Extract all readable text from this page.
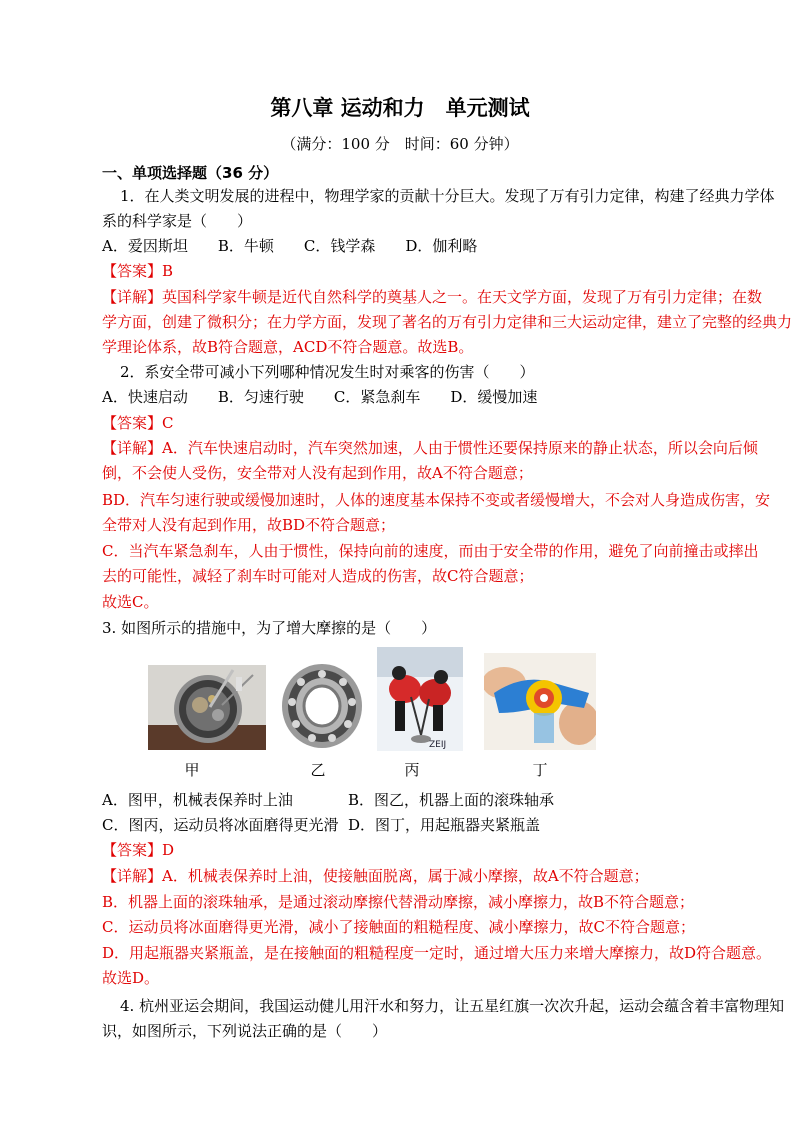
第八章 运动和力　单元测试
（满分：100 分　时间：60 分钟）
一、单项选择题（36 分）
1．在人类文明发展的进程中，物理学家的贡献十分巨大。发现了万有引力定律，构建了经典力学体
系的科学家是（　　）
A．爱因斯坦　　B．牛顿　　C．钱学森　　D．伽利略
【答案】B
【详解】英国科学家牛顿是近代自然科学的奠基人之一。在天文学方面，发现了万有引力定律；在数
学方面，创建了微积分；在力学方面，发现了著名的万有引力定律和三大运动定律，建立了完整的经典力
学理论体系，故B符合题意，ACD不符合题意。故选B。
2．系安全带可减小下列哪种情况发生时对乘客的伤害（　　）
A．快速启动　　B．匀速行驶　　C．紧急刹车　　D．缓慢加速
【答案】C
【详解】A．汽车快速启动时，汽车突然加速，人由于惯性还要保持原来的静止状态，所以会向后倾
倒，不会使人受伤，安全带对人没有起到作用，故A不符合题意；
BD．汽车匀速行驶或缓慢加速时，人体的速度基本保持不变或者缓慢增大，不会对人身造成伤害，安
全带对人没有起到作用，故BD不符合题意；
C．当汽车紧急刹车，人由于惯性，保持向前的速度，而由于安全带的作用，避免了向前撞击或摔出
去的可能性，减轻了刹车时可能对人造成的伤害，故C符合题意；
故选C。
3. 如图所示的措施中，为了增大摩擦的是（　　）
ZEIJ
甲	乙	丙	丁
A．图甲，机械表保养时上油	B．图乙，机器上面的滚珠轴承
C．图丙，运动员将冰面磨得更光滑 D．图丁，用起瓶器夹紧瓶盖
【答案】D
【详解】A．机械表保养时上油，使接触面脱离，属于减小摩擦，故A不符合题意；
B．机器上面的滚珠轴承，是通过滚动摩擦代替滑动摩擦，减小摩擦力，故B不符合题意；
C．运动员将冰面磨得更光滑，减小了接触面的粗糙程度、减小摩擦力，故C不符合题意；
D．用起瓶器夹紧瓶盖，是在接触面的粗糙程度一定时，通过增大压力来增大摩擦力，故D符合题意。
故选D。
4. 杭州亚运会期间，我国运动健儿用汗水和努力，让五星红旗一次次升起，运动会蕴含着丰富物理知
识，如图所示，下列说法正确的是（　　）
